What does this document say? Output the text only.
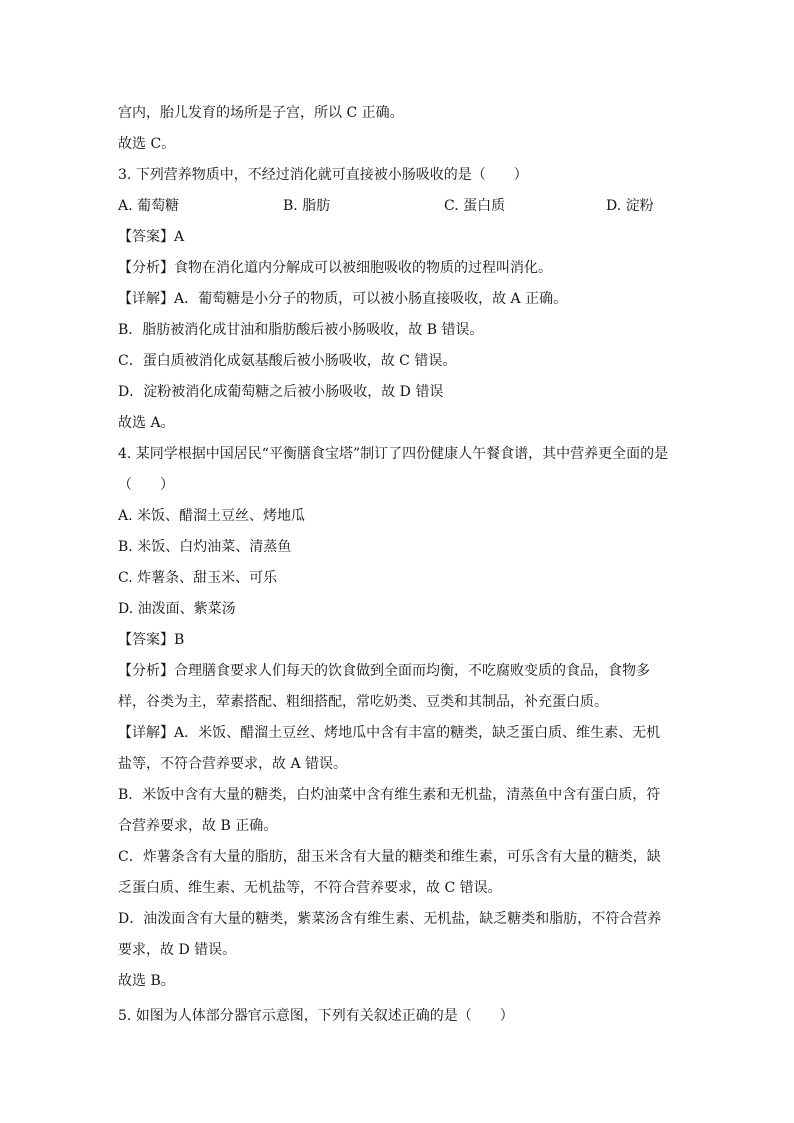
宫内，胎儿发育的场所是子宫，所以 C 正确。
故选 C。
3. 下列营养物质中，不经过消化就可直接被小肠吸收的是（　　）
A. 葡萄糖	B. 脂肪	C. 蛋白质	D. 淀粉
【答案】A
【分析】食物在消化道内分解成可以被细胞吸收的物质的过程叫消化。
【详解】A．葡萄糖是小分子的物质，可以被小肠直接吸收，故 A 正确。
B．脂肪被消化成甘油和脂肪酸后被小肠吸收，故 B 错误。
C．蛋白质被消化成氨基酸后被小肠吸收，故 C 错误。
D．淀粉被消化成葡萄糖之后被小肠吸收，故 D 错误
故选 A。
4. 某同学根据中国居民“平衡膳食宝塔”制订了四份健康人午餐食谱，其中营养更全面的是
（　　）
A. 米饭、醋溜土豆丝、烤地瓜
B. 米饭、白灼油菜、清蒸鱼
C. 炸薯条、甜玉米、可乐
D. 油泼面、紫菜汤
【答案】B
【分析】合理膳食要求人们每天的饮食做到全面而均衡，不吃腐败变质的食品，食物多
样，谷类为主，荤素搭配、粗细搭配，常吃奶类、豆类和其制品，补充蛋白质。
【详解】A．米饭、醋溜土豆丝、烤地瓜中含有丰富的糖类，缺乏蛋白质、维生素、无机
盐等，不符合营养要求，故 A 错误。
B．米饭中含有大量的糖类，白灼油菜中含有维生素和无机盐，清蒸鱼中含有蛋白质，符
合营养要求，故 B 正确。
C．炸薯条含有大量的脂肪，甜玉米含有大量的糖类和维生素，可乐含有大量的糖类，缺
乏蛋白质、维生素、无机盐等，不符合营养要求，故 C 错误。
D．油泼面含有大量的糖类，紫菜汤含有维生素、无机盐，缺乏糖类和脂肪，不符合营养
要求，故 D 错误。
故选 B。
5. 如图为人体部分器官示意图，下列有关叙述正确的是（　　）
